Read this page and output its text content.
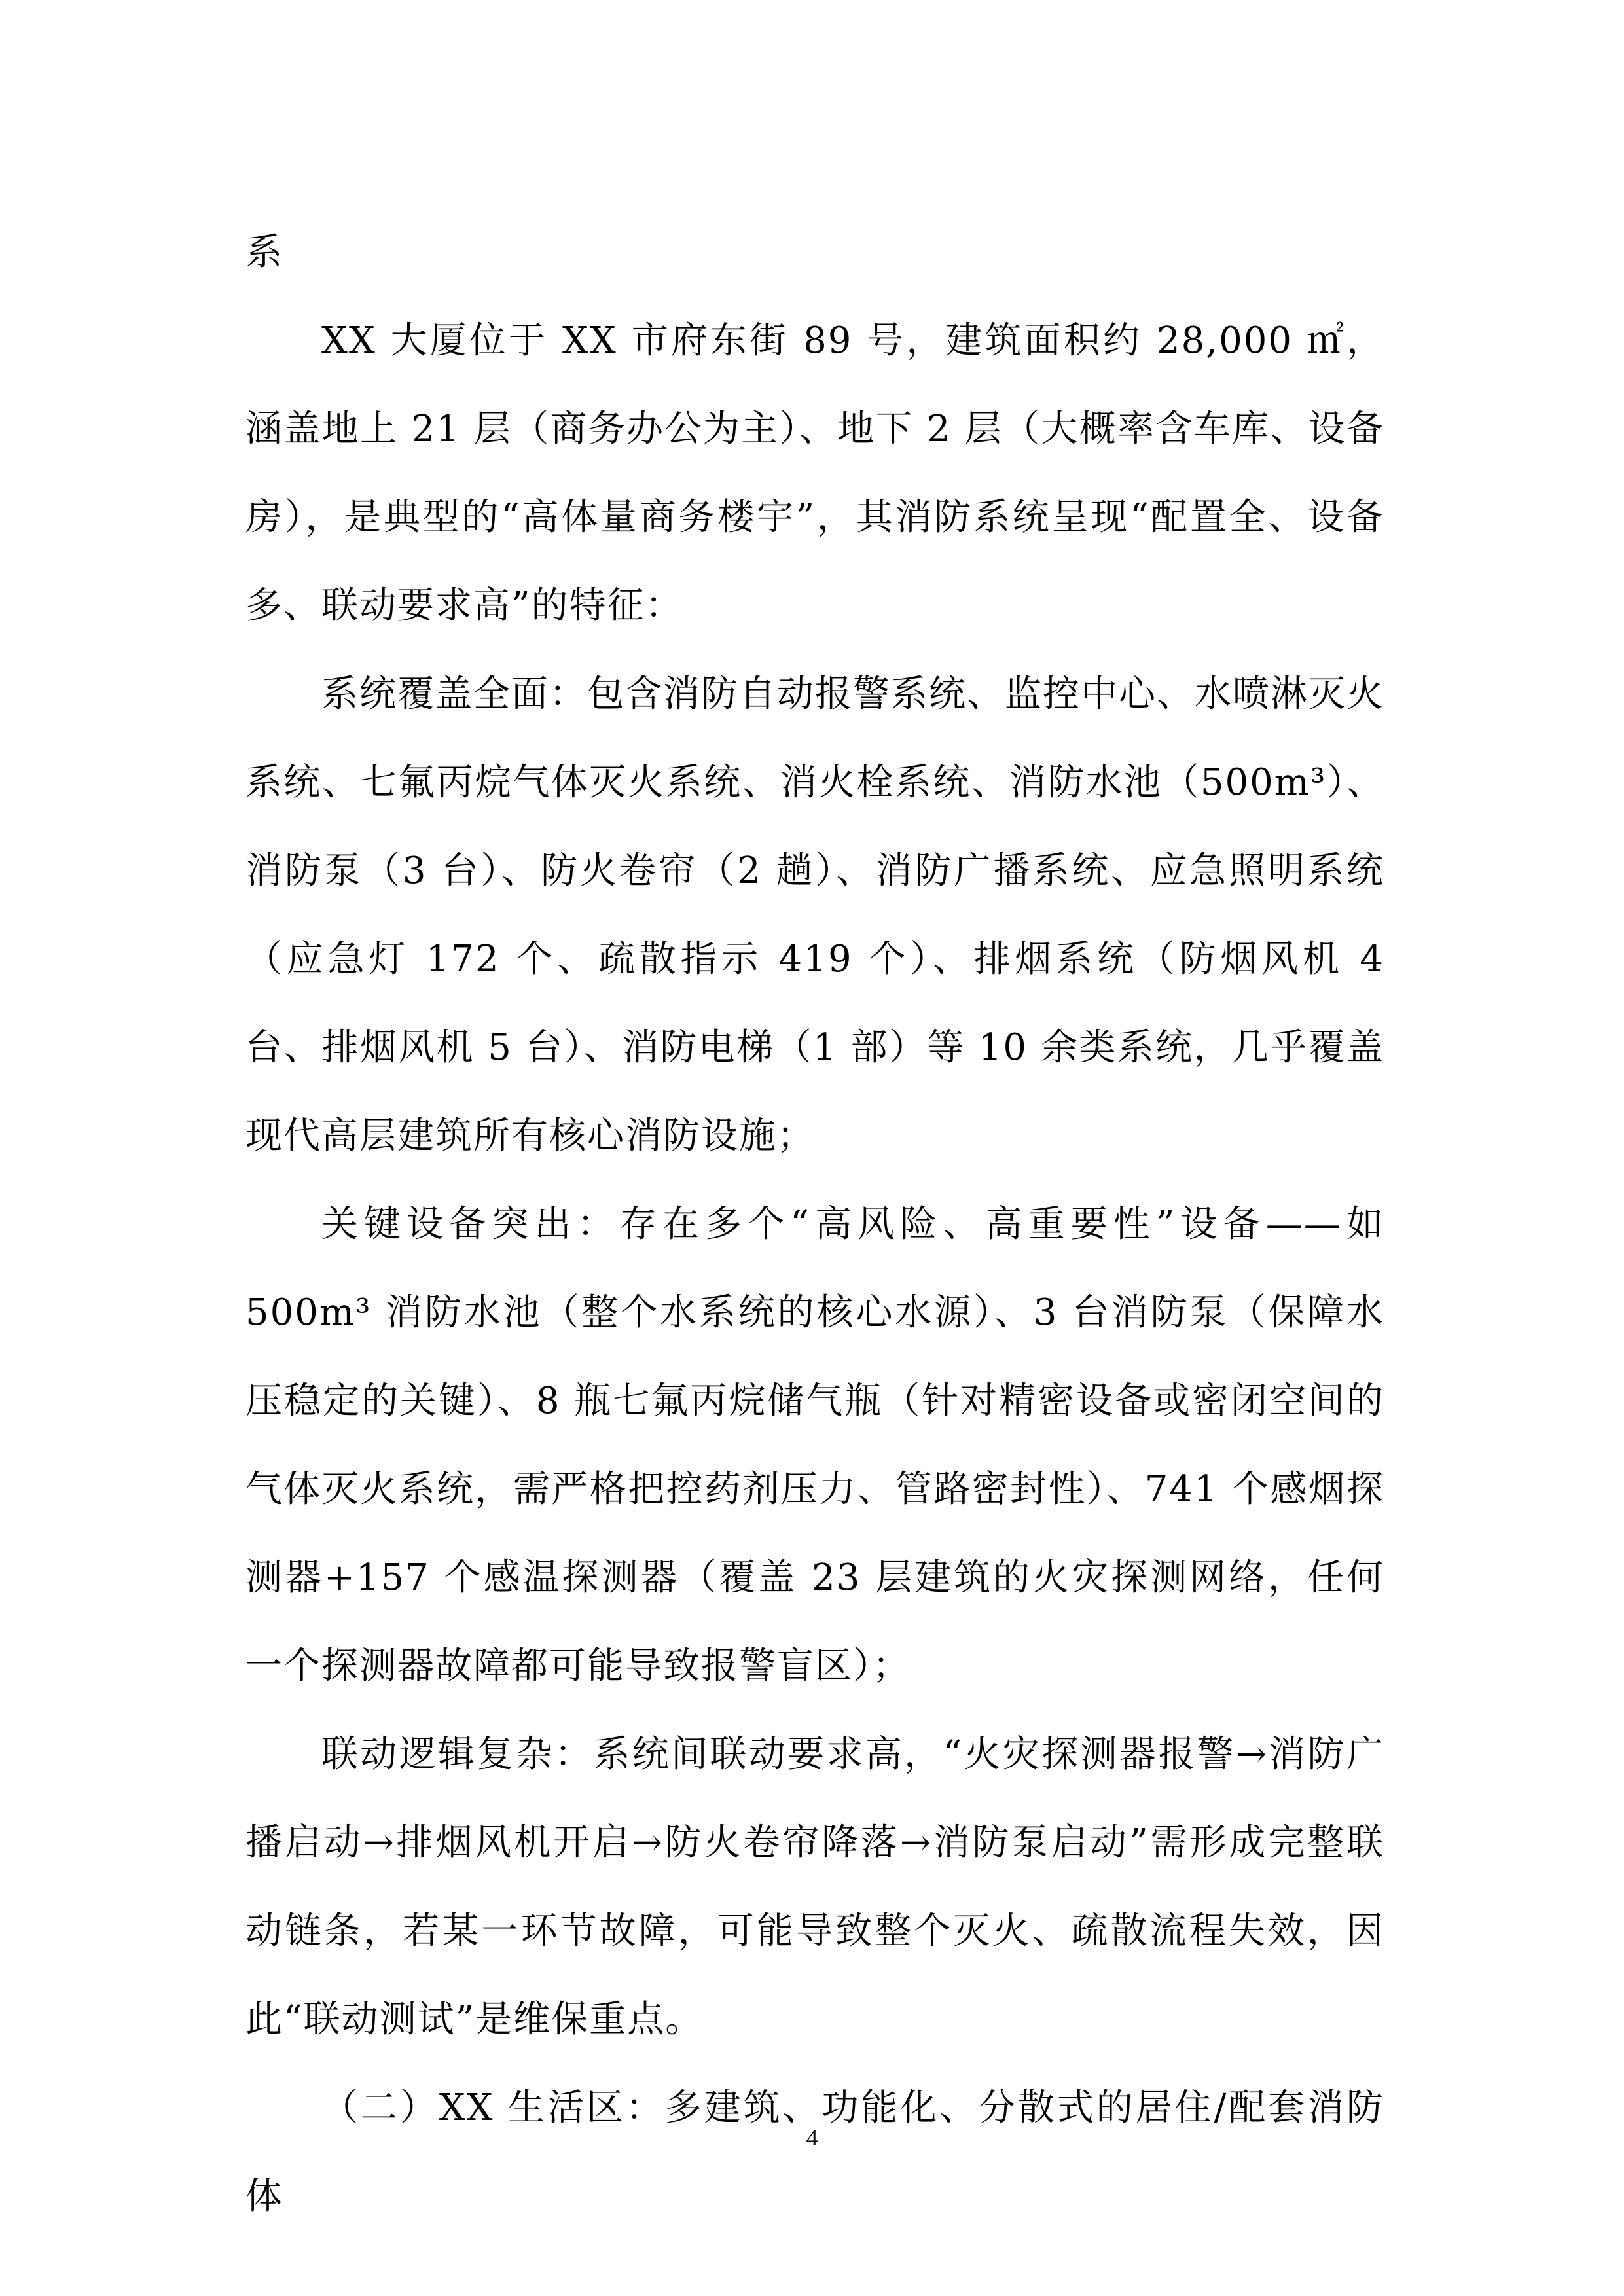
系

XX 大厦位于 XX 市府东街 89 号，建筑面积约 28,000 ㎡，涵盖地上 21 层（商务办公为主）、地下 2 层（大概率含车库、设备房），是典型的“高体量商务楼宇”，其消防系统呈现“配置全、设备多、联动要求高”的特征：

系统覆盖全面：包含消防自动报警系统、监控中心、水喷淋灭火系统、七氟丙烷气体灭火系统、消火栓系统、消防水池（500m³）、消防泵（3 台）、防火卷帘（2 趟）、消防广播系统、应急照明系统（应急灯 172 个、疏散指示 419 个）、排烟系统（防烟风机 4 台、排烟风机 5 台）、消防电梯（1 部）等 10 余类系统，几乎覆盖现代高层建筑所有核心消防设施；

关键设备突出：存在多个“高风险、高重要性”设备——如 500m³ 消防水池（整个水系统的核心水源）、3 台消防泵（保障水压稳定的关键）、8 瓶七氟丙烷储气瓶（针对精密设备或密闭空间的气体灭火系统，需严格把控药剂压力、管路密封性）、741 个感烟探测器+157 个感温探测器（覆盖 23 层建筑的火灾探测网络，任何一个探测器故障都可能导致报警盲区）；

联动逻辑复杂：系统间联动要求高，“火灾探测器报警→消防广播启动→排烟风机开启→防火卷帘降落→消防泵启动”需形成完整联动链条，若某一环节故障，可能导致整个灭火、疏散流程失效，因此“联动测试”是维保重点。

（二）XX 生活区：多建筑、功能化、分散式的居住/配套消防体

4
